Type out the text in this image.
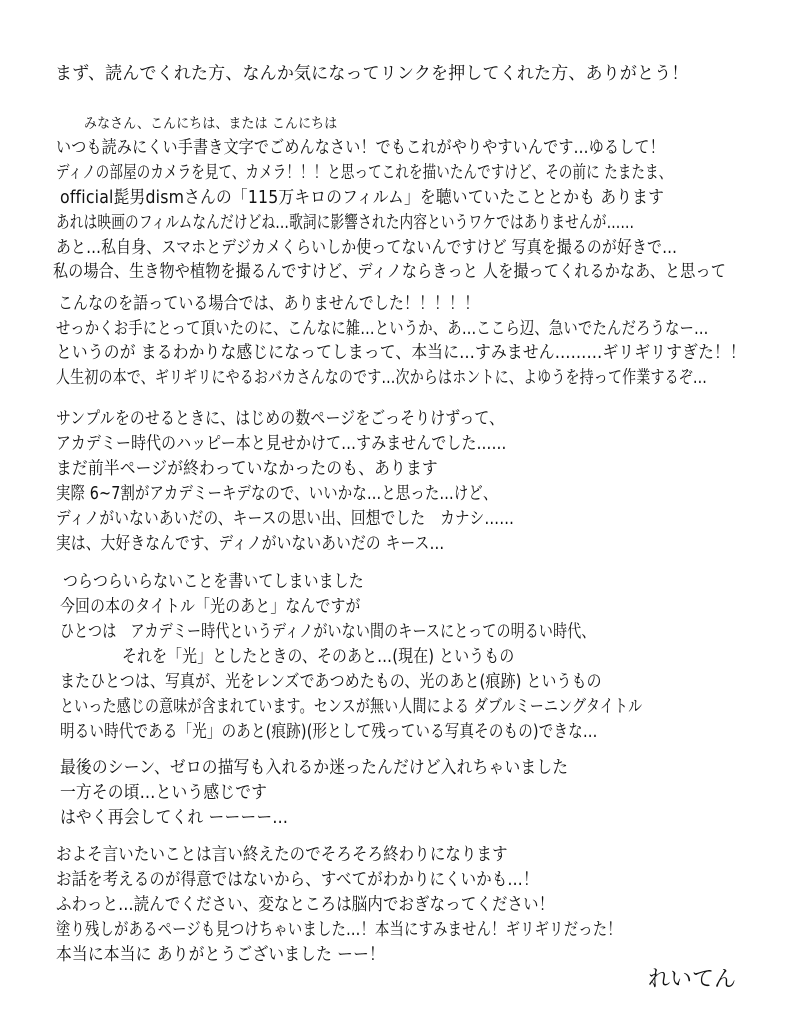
まず、読んでくれた方、なんか気になってリンクを押してくれた方、ありがとう！
みなさん、こんにちは、または こんにちは
いつも読みにくい手書き文字でごめんなさい！でもこれがやりやすいんです…ゆるして！
ディノの部屋のカメラを見て、カメラ！！！と思ってこれを描いたんですけど、その前に たまたま、
official髭男dismさんの「115万キロのフィルム」を聴いていたこととかも あります
あれは映画のフィルムなんだけどね…歌詞に影響された内容というワケではありませんが……
あと…私自身、スマホとデジカメくらいしか使ってないんですけど 写真を撮るのが好きで…
私の場合、生き物や植物を撮るんですけど、ディノならきっと 人を撮ってくれるかなあ、と思って
こんなのを語っている場合では、ありませんでした！！！！！
せっかくお手にとって頂いたのに、こんなに雑…というか、あ…ここら辺、急いでたんだろうなー…
というのが まるわかりな感じになってしまって、本当に…すみません………ギリギリすぎた！！
人生初の本で、ギリギリにやるおバカさんなのです…次からはホントに、よゆうを持って作業するぞ…
サンプルをのせるときに、はじめの数ページをごっそりけずって、
アカデミー時代のハッピー本と見せかけて…すみませんでした……
まだ前半ページが終わっていなかったのも、あります
実際 6~7割がアカデミーキデなので、いいかな…と思った…けど、
ディノがいないあいだの、キースの思い出、回想でした　カナシ……
実は、大好きなんです、ディノがいないあいだの キース…
つらつらいらないことを書いてしまいました
今回の本のタイトル「光のあと」なんですが
ひとつは　アカデミー時代というディノがいない間のキースにとっての明るい時代、
それを「光」としたときの、そのあと…(現在) というもの
またひとつは、写真が、光をレンズであつめたもの、光のあと(痕跡) というもの
といった感じの意味が含まれています。センスが無い人間による ダブルミーニングタイトル
明るい時代である「光」のあと(痕跡)(形として残っている写真そのもの)できな…
最後のシーン、ゼロの描写も入れるか迷ったんだけど入れちゃいました
一方その頃…という感じです
はやく再会してくれ ーーーー…
およそ言いたいことは言い終えたのでそろそろ終わりになります
お話を考えるのが得意ではないから、すべてがわかりにくいかも…！
ふわっと…読んでください、変なところは脳内でおぎなってください！
塗り残しがあるページも見つけちゃいました…！本当にすみません！ギリギリだった！
本当に本当に ありがとうございました ーー！
れいてん
